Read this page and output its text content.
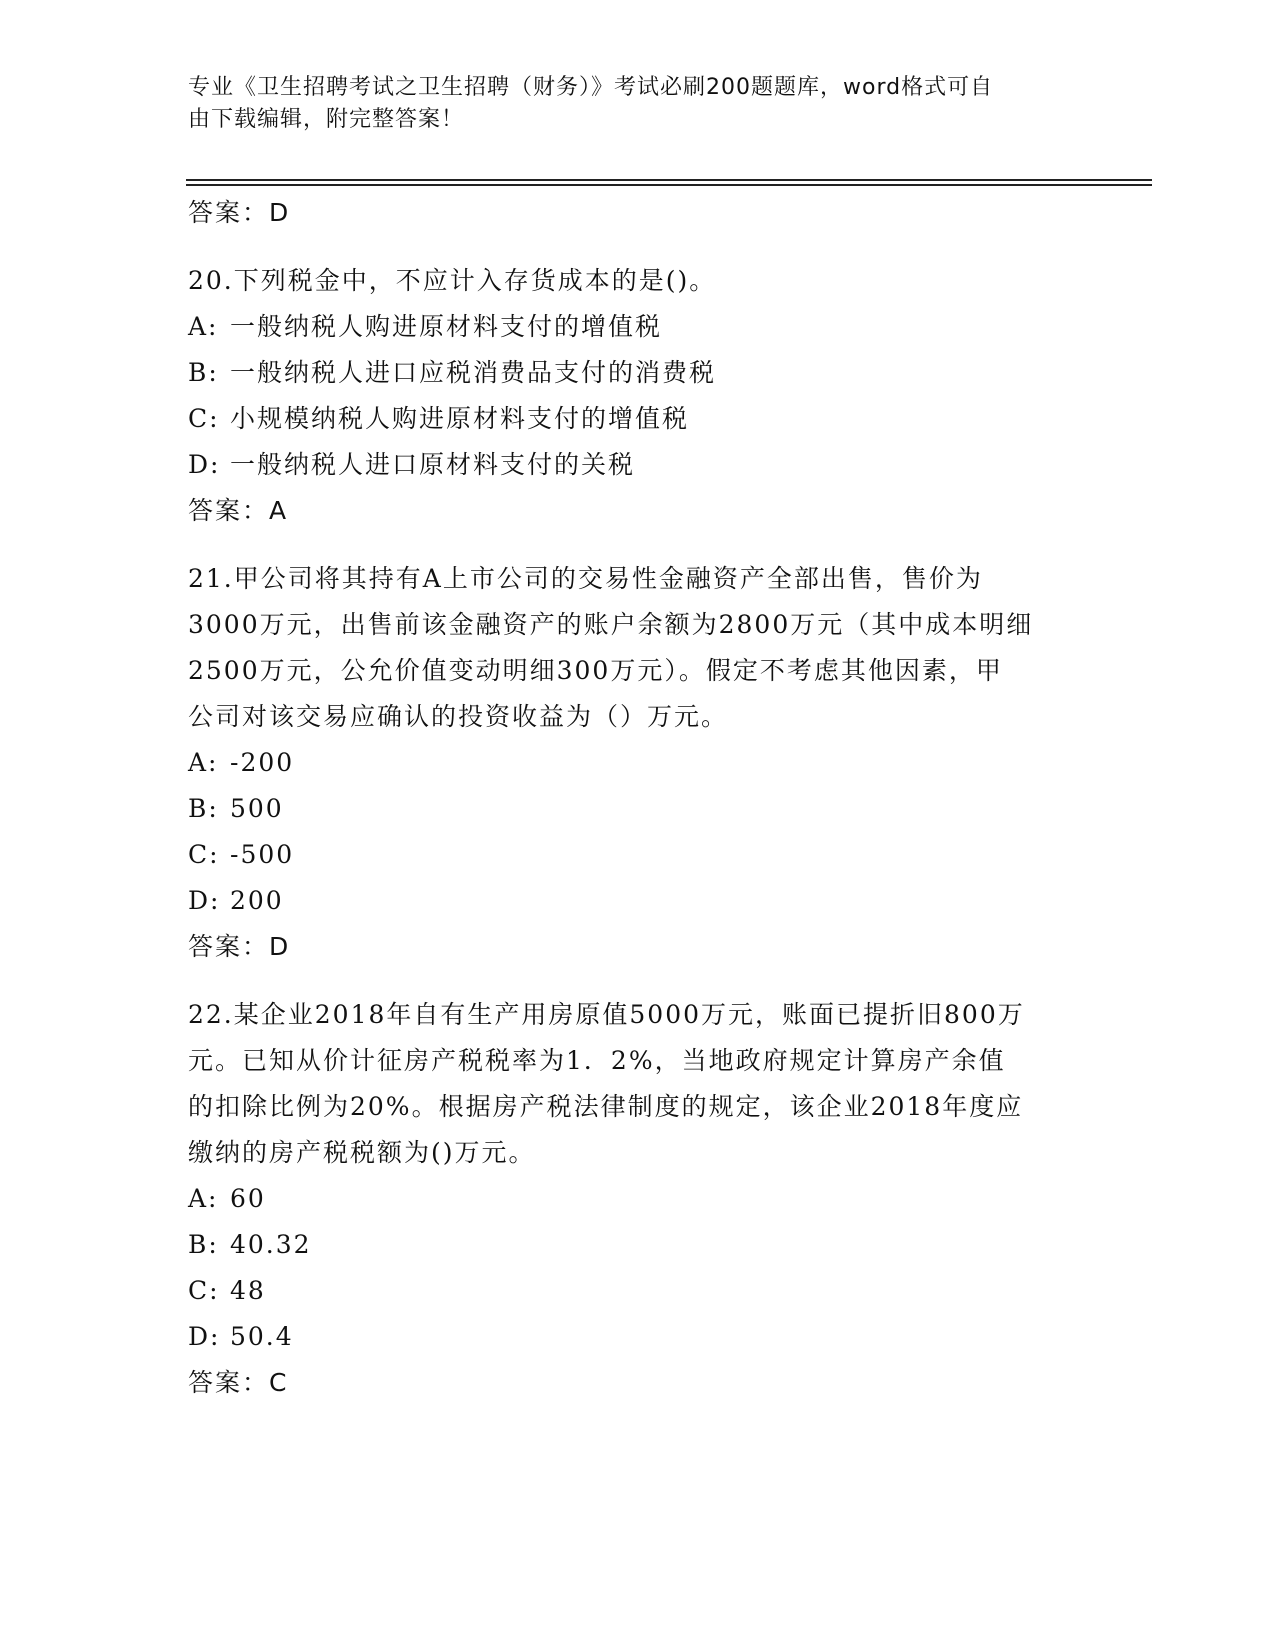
专业《卫生招聘考试之卫生招聘（财务）》考试必刷200题题库，word格式可自
由下载编辑，附完整答案！
答案：D
20.下列税金中，不应计入存货成本的是()。
A: 一般纳税人购进原材料支付的增值税
B: 一般纳税人进口应税消费品支付的消费税
C: 小规模纳税人购进原材料支付的增值税
D: 一般纳税人进口原材料支付的关税
答案：A
21.甲公司将其持有A上市公司的交易性金融资产全部出售，售价为
3000万元，出售前该金融资产的账户余额为2800万元（其中成本明细
2500万元，公允价值变动明细300万元）。假定不考虑其他因素，甲
公司对该交易应确认的投资收益为（）万元。
A: -200
B: 500
C: -500
D: 200
答案：D
22.某企业2018年自有生产用房原值5000万元，账面已提折旧800万
元。已知从价计征房产税税率为1．2%，当地政府规定计算房产余值
的扣除比例为20%。根据房产税法律制度的规定，该企业2018年度应
缴纳的房产税税额为()万元。
A: 60
B: 40.32
C: 48
D: 50.4
答案：C
